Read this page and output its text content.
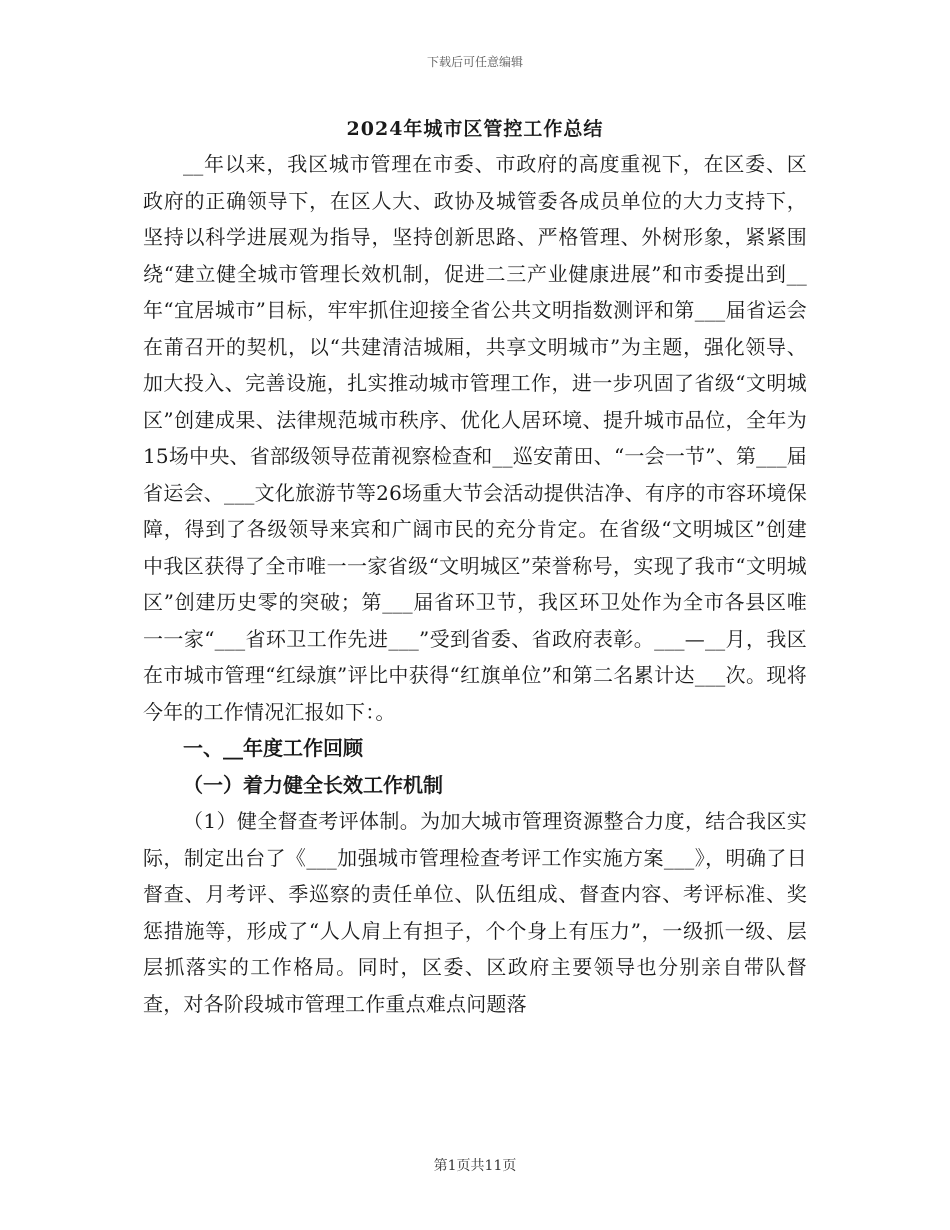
下载后可任意编辑
2024年城市区管控工作总结

__年以来，我区城市管理在市委、市政府的高度重视下，在区委、区政府的正确领导下，在区人大、政协及城管委各成员单位的大力支持下，坚持以科学进展观为指导，坚持创新思路、严格管理、外树形象，紧紧围绕“建立健全城市管理长效机制，促进二三产业健康进展”和市委提出到__年“宜居城市”目标，牢牢抓住迎接全省公共文明指数测评和第___届省运会在莆召开的契机，以“共建清洁城厢，共享文明城市”为主题，强化领导、加大投入、完善设施，扎实推动城市管理工作，进一步巩固了省级“文明城区”创建成果、法律规范城市秩序、优化人居环境、提升城市品位，全年为15场中央、省部级领导莅莆视察检查和__巡安莆田、“一会一节”、第___届省运会、___文化旅游节等26场重大节会活动提供洁净、有序的市容环境保障，得到了各级领导来宾和广阔市民的充分肯定。在省级“文明城区”创建中我区获得了全市唯一一家省级“文明城区”荣誉称号，实现了我市“文明城区”创建历史零的突破；第___届省环卫节，我区环卫处作为全市各县区唯一一家“___省环卫工作先进___”受到省委、省政府表彰。___—__月，我区在市城市管理“红绿旗”评比中获得“红旗单位”和第二名累计达___次。现将今年的工作情况汇报如下：。

一、__年度工作回顾

（一）着力健全长效工作机制

（1）健全督查考评体制。为加大城市管理资源整合力度，结合我区实际，制定出台了《___加强城市管理检查考评工作实施方案___》，明确了日督查、月考评、季巡察的责任单位、队伍组成、督查内容、考评标准、奖惩措施等，形成了“人人肩上有担子，个个身上有压力”，一级抓一级、层层抓落实的工作格局。同时，区委、区政府主要领导也分别亲自带队督查，对各阶段城市管理工作重点难点问题落

第1页共11页
